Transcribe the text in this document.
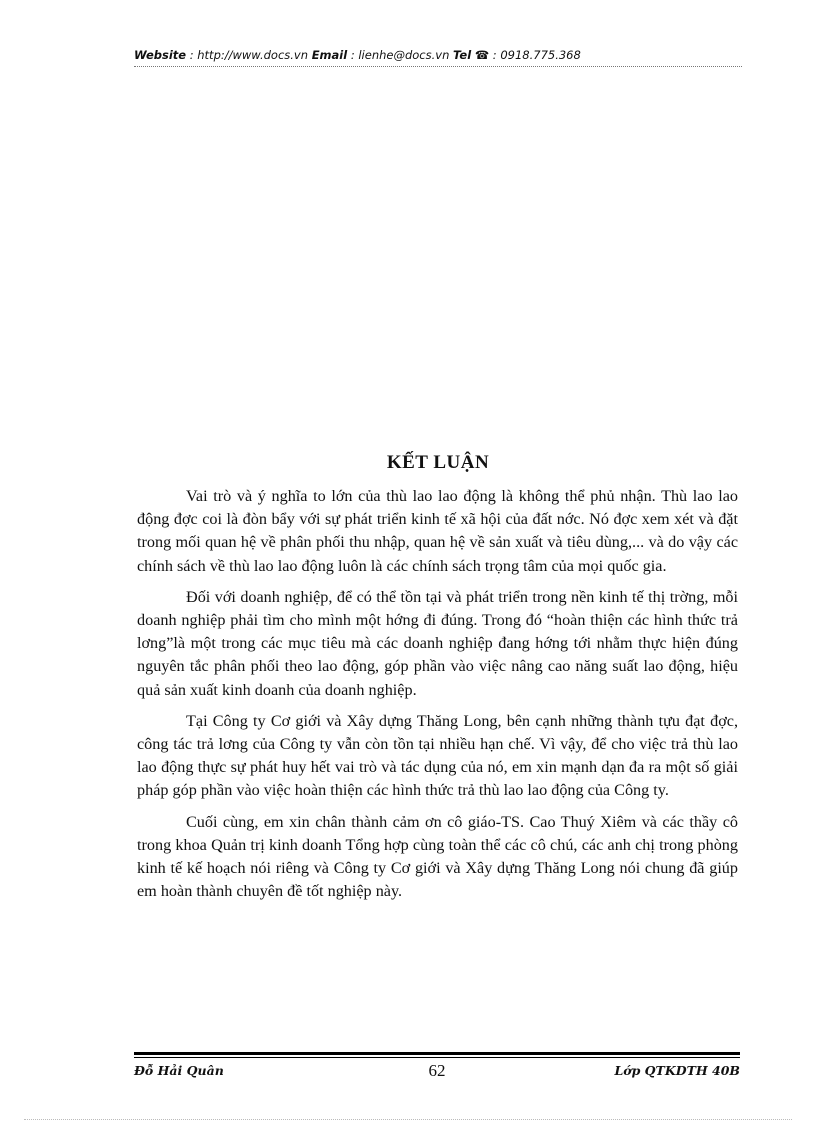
Website : http://www.docs.vn Email : lienhe@docs.vn Tel ☎ : 0918.775.368
KẾT LUẬN

Vai trò và ý nghĩa to lớn của thù lao lao động là không thể phủ nhận. Thù lao lao động đợc coi là đòn bẩy với sự phát triển kinh tế xã hội của đất nớc. Nó đợc xem xét và đặt trong mối quan hệ về phân phối thu nhập, quan hệ về sản xuất và tiêu dùng,... và do vậy các chính sách về thù lao lao động luôn là các chính sách trọng tâm của mọi quốc gia.

Đối với doanh nghiệp, để có thể tồn tại và phát triển trong nền kinh tế thị trờng, mỗi doanh nghiệp phải tìm cho mình một hớng đi đúng. Trong đó “hoàn thiện các hình thức trả lơng”là một trong các mục tiêu mà các doanh nghiệp đang hớng tới nhằm thực hiện đúng nguyên tắc phân phối theo lao động, góp phần vào việc nâng cao năng suất lao động, hiệu quả sản xuất kinh doanh của doanh nghiệp.

Tại Công ty Cơ giới và Xây dựng Thăng Long, bên cạnh những thành tựu đạt đợc, công tác trả lơng của Công ty vẫn còn tồn tại nhiều hạn chế. Vì vậy, để cho việc trả thù lao lao động thực sự phát huy hết vai trò và tác dụng của nó, em xin mạnh dạn đa ra một số giải pháp góp phần vào việc hoàn thiện các hình thức trả thù lao lao động của Công ty.

Cuối cùng, em xin chân thành cảm ơn cô giáo-TS. Cao Thuý Xiêm và các thầy cô trong khoa Quản trị kinh doanh Tổng hợp cùng toàn thể các cô chú, các anh chị trong phòng kinh tế kế hoạch nói riêng và Công ty Cơ giới và Xây dựng Thăng Long nói chung đã giúp em hoàn thành chuyên đề tốt nghiệp này.

Đỗ Hải Quân	62	Lớp QTKDTH 40B
